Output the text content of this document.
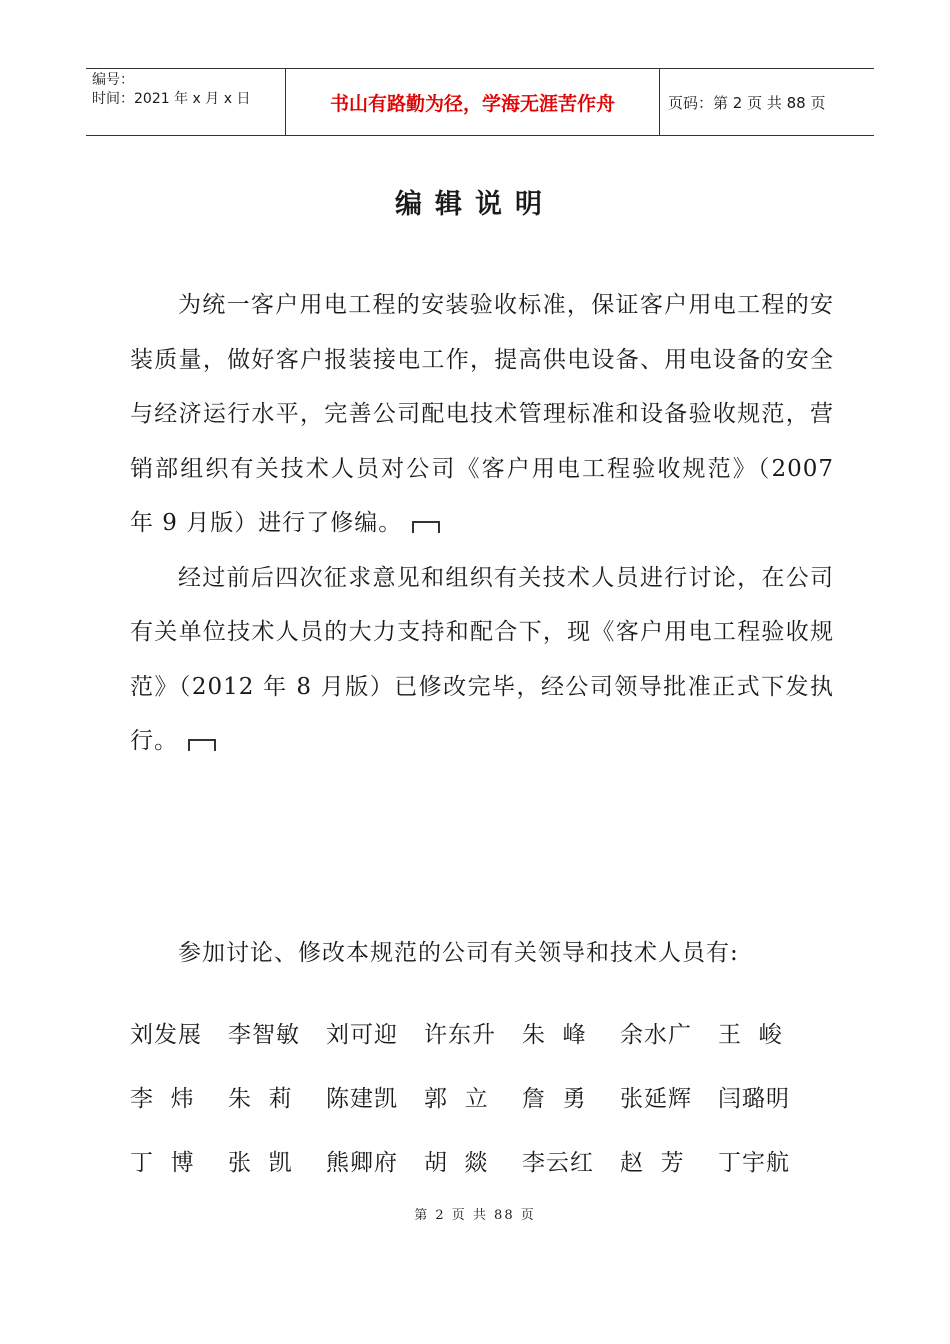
编号：
时间：2021 年 x 月 x 日	书山有路勤为径，学海无涯苦作舟	页码：第 2 页 共 88 页
编辑说明

为统一客户用电工程的安装验收标准，保证客户用电工程的安装质量，做好客户报装接电工作，提高供电设备、用电设备的安全与经济运行水平，完善公司配电技术管理标准和设备验收规范，营销部组织有关技术人员对公司《客户用电工程验收规范》（2007 年 9 月版）进行了修编。

经过前后四次征求意见和组织有关技术人员进行讨论，在公司有关单位技术人员的大力支持和配合下，现《客户用电工程验收规范》（2012 年 8 月版）已修改完毕，经公司领导批准正式下发执行。

参加讨论、修改本规范的公司有关领导和技术人员有:
刘发展	李智敏	刘可迎	许东升	朱  峰	余水广	王  峻
李  炜	朱  莉	陈建凯	郭  立	詹  勇	张延辉	闫璐明
丁  博	张  凯	熊卿府	胡  燚	李云红	赵  芳	丁宇航
第 2 页 共 88 页
